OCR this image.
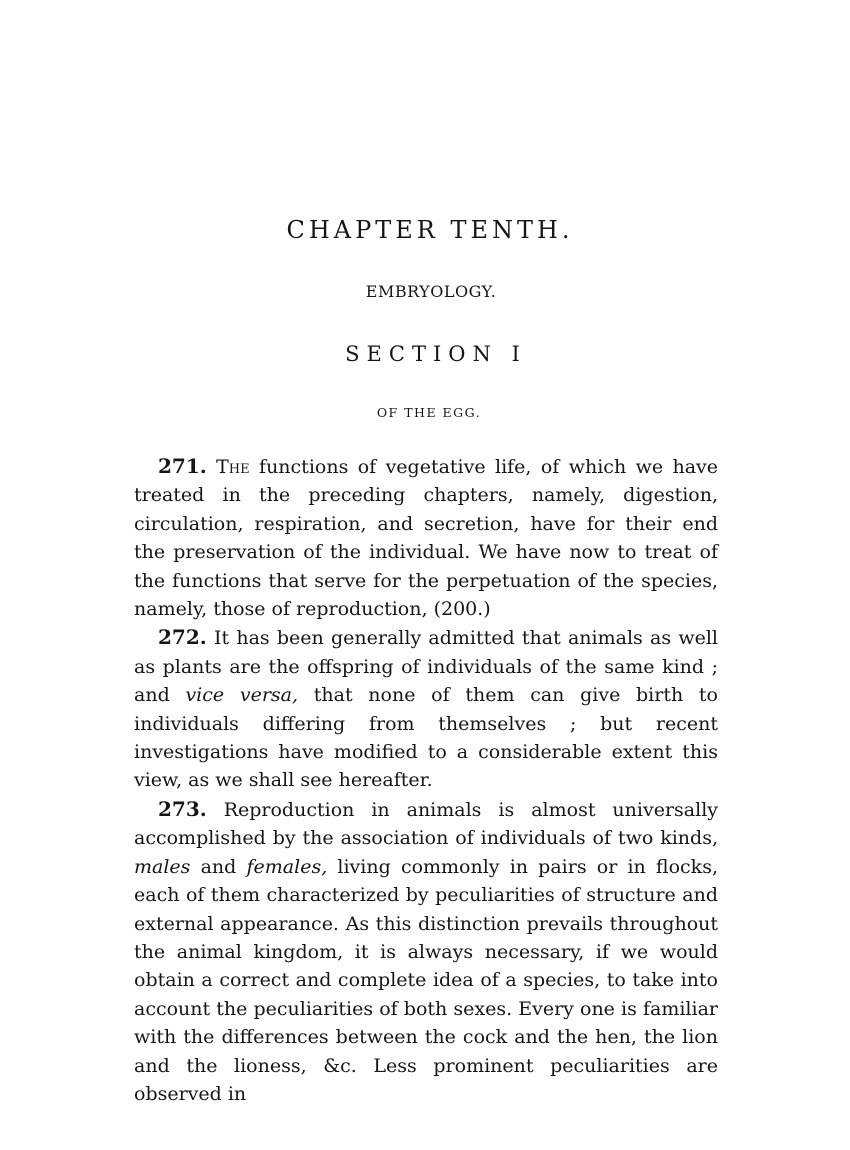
CHAPTER TENTH.
EMBRYOLOGY.
SECTION I
OF THE EGG.

271. The functions of vegetative life, of which we have treated in the preceding chapters, namely, digestion, circulation, respiration, and secretion, have for their end the preservation of the individual. We have now to treat of the functions that serve for the perpetuation of the species, namely, those of reproduction, (200.)

272. It has been generally admitted that animals as well as plants are the offspring of individuals of the same kind ; and vice versa, that none of them can give birth to individuals differing from themselves ; but recent investigations have modified to a considerable extent this view, as we shall see hereafter.

273. Reproduction in animals is almost universally accomplished by the association of individuals of two kinds, males and females, living commonly in pairs or in flocks, each of them characterized by peculiarities of structure and external appearance. As this distinction prevails throughout the animal kingdom, it is always necessary, if we would obtain a correct and complete idea of a species, to take into account the peculiarities of both sexes. Every one is familiar with the differences between the cock and the hen, the lion and the lioness, &c. Less prominent peculiarities are observed in
